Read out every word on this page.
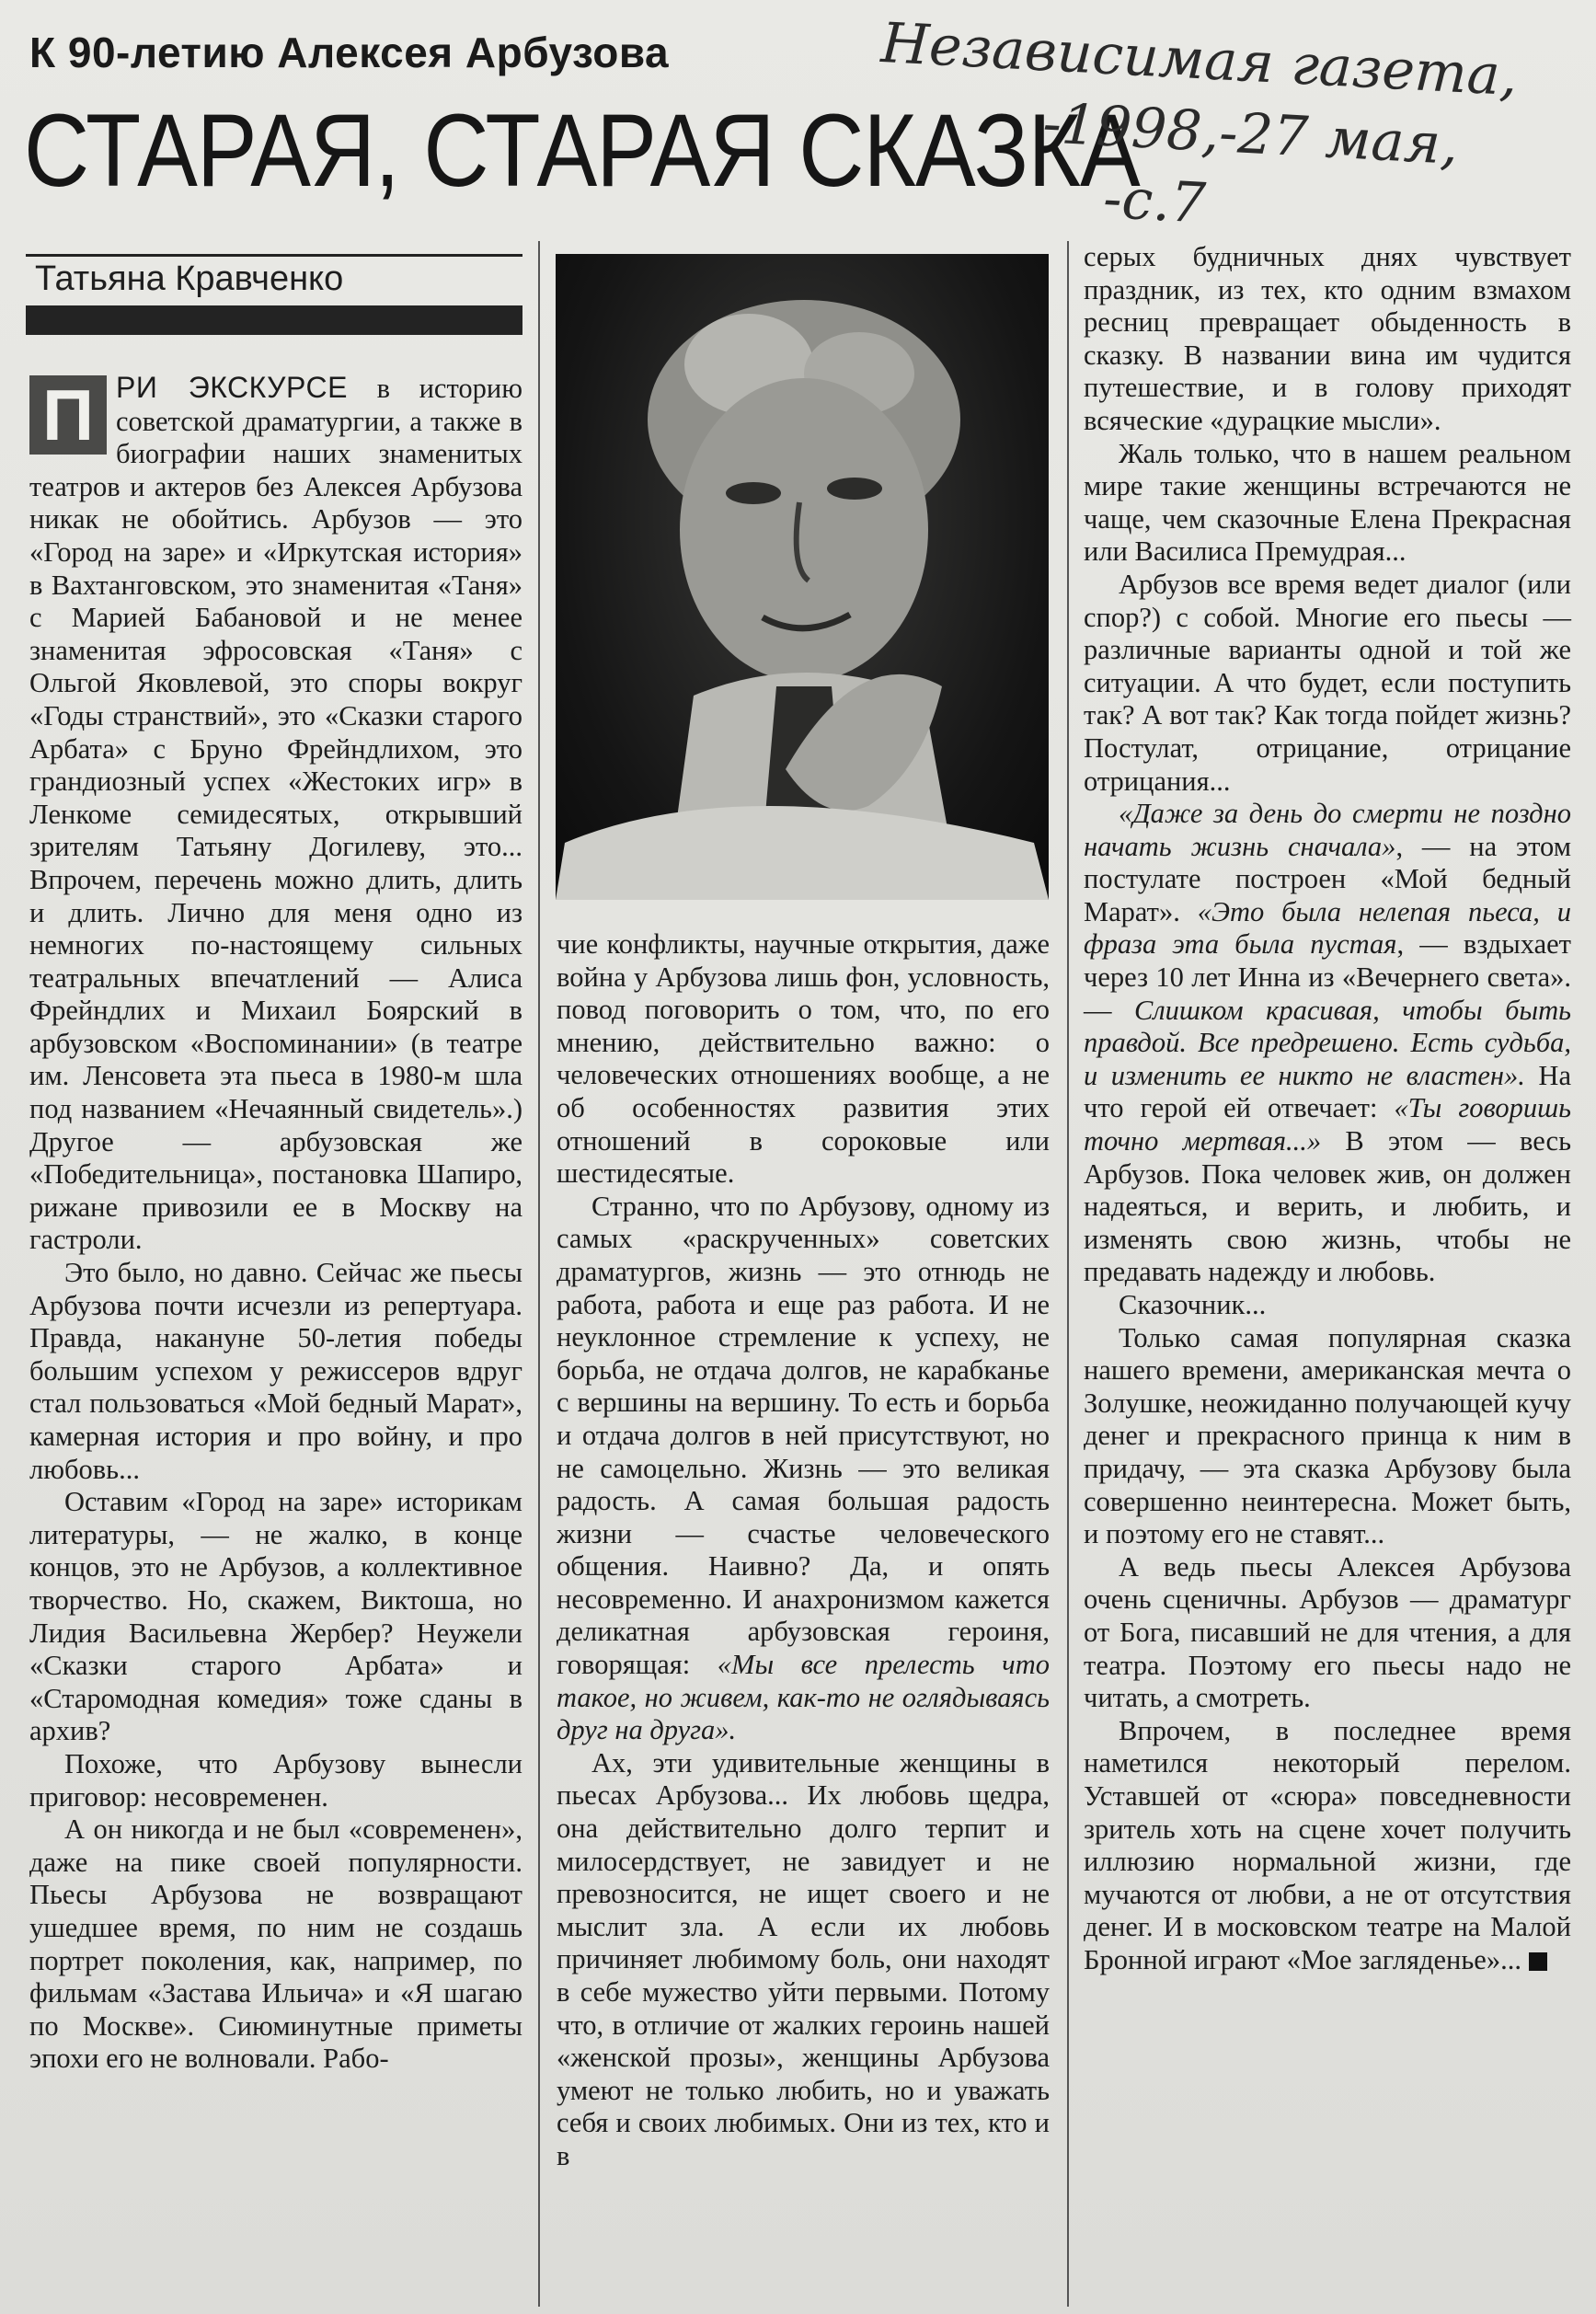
К 90-летию Алексея Арбузова
СТАРАЯ, СТАРАЯ СКАЗКА
Независимая газета,
-1998,-27 мая,
-с.7
Татьяна Кравченко

П РИ ЭКСКУРСЕ в историю советской драматургии, а также в биографии наших знаменитых театров и актеров без Алексея Арбузова никак не обойтись. Арбузов — это «Город на заре» и «Иркутская история» в Вахтанговском, это знаменитая «Таня» с Марией Бабановой и не менее знаменитая эфросовская «Таня» с Ольгой Яковлевой, это споры вокруг «Годы странствий», это «Сказки старого Арбата» с Бруно Фрейндлихом, это грандиозный успех «Жестоких игр» в Ленкоме семидесятых, открывший зрителям Татьяну Догилеву, это... Впрочем, перечень можно длить, длить и длить. Лично для меня одно из немногих по-настоящему сильных театральных впечатлений — Алиса Фрейндлих и Михаил Боярский в арбузовском «Воспоминании» (в театре им. Ленсовета эта пьеса в 1980-м шла под названием «Нечаянный свидетель».) Другое — арбузовская же «Победительница», постановка Шапиро, рижане привозили ее в Москву на гастроли.

Это было, но давно. Сейчас же пьесы Арбузова почти исчезли из репертуара. Правда, накануне 50-летия победы большим успехом у режиссеров вдруг стал пользоваться «Мой бедный Марат», камерная история и про войну, и про любовь...

Оставим «Город на заре» историкам литературы, — не жалко, в конце концов, это не Арбузов, а коллективное творчество. Но, скажем, Виктоша, но Лидия Васильевна Жербер? Неужели «Сказки старого Арбата» и «Старомодная комедия» тоже сданы в архив?

Похоже, что Арбузову вынесли приговор: несовременен.

А он никогда и не был «современен», даже на пике своей популярности. Пьесы Арбузова не возвращают ушедшее время, по ним не создашь портрет поколения, как, например, по фильмам «Застава Ильича» и «Я шагаю по Москве». Сиюминутные приметы эпохи его не волновали. Рабо-

чие конфликты, научные открытия, даже война у Арбузова лишь фон, условность, повод поговорить о том, что, по его мнению, действительно важно: о человеческих отношениях вообще, а не об особенностях развития этих отношений в сороковые или шестидесятые.

Странно, что по Арбузову, одному из самых «раскрученных» советских драматургов, жизнь — это отнюдь не работа, работа и еще раз работа. И не неуклонное стремление к успеху, не борьба, не отдача долгов, не карабканье с вершины на вершину. То есть и борьба и отдача долгов в ней присутствуют, но не самоцельно. Жизнь — это великая радость. А самая большая радость жизни — счастье человеческого общения. Наивно? Да, и опять несовременно. И анахронизмом кажется деликатная арбузовская героиня, говорящая: «Мы все прелесть что такое, но живем, как-то не оглядываясь друг на друга».

Ах, эти удивительные женщины в пьесах Арбузова... Их любовь щедра, она действительно долго терпит и милосердствует, не завидует и не превозносится, не ищет своего и не мыслит зла. А если их любовь причиняет любимому боль, они находят в себе мужество уйти первыми. Потому что, в отличие от жалких героинь нашей «женской прозы», женщины Арбузова умеют не только любить, но и уважать себя и своих любимых. Они из тех, кто и в

серых будничных днях чувствует праздник, из тех, кто одним взмахом ресниц превращает обыденность в сказку. В названии вина им чудится путешествие, и в голову приходят всяческие «дурацкие мысли».

Жаль только, что в нашем реальном мире такие женщины встречаются не чаще, чем сказочные Елена Прекрасная или Василиса Премудрая...

Арбузов все время ведет диалог (или спор?) с собой. Многие его пьесы — различные варианты одной и той же ситуации. А что будет, если поступить так? А вот так? Как тогда пойдет жизнь? Постулат, отрицание, отрицание отрицания...

«Даже за день до смерти не поздно начать жизнь сначала», — на этом постулате построен «Мой бедный Марат». «Это была нелепая пьеса, и фраза эта была пустая, — вздыхает через 10 лет Инна из «Вечернего света». — Слишком красивая, чтобы быть правдой. Все предрешено. Есть судьба, и изменить ее никто не властен». На что герой ей отвечает: «Ты говоришь точно мертвая...» В этом — весь Арбузов. Пока человек жив, он должен надеяться, и верить, и любить, и изменять свою жизнь, чтобы не предавать надежду и любовь.

Сказочник...

Только самая популярная сказка нашего времени, американская мечта о Золушке, неожиданно получающей кучу денег и прекрасного принца к ним в придачу, — эта сказка Арбузову была совершенно неинтересна. Может быть, и поэтому его не ставят...

А ведь пьесы Алексея Арбузова очень сценичны. Арбузов — драматург от Бога, писавший не для чтения, а для театра. Поэтому его пьесы надо не читать, а смотреть.

Впрочем, в последнее время наметился некоторый перелом. Уставшей от «сюра» повседневности зритель хоть на сцене хочет получить иллюзию нормальной жизни, где мучаются от любви, а не от отсутствия денег. И в московском театре на Малой Бронной играют «Мое загляденье»...
